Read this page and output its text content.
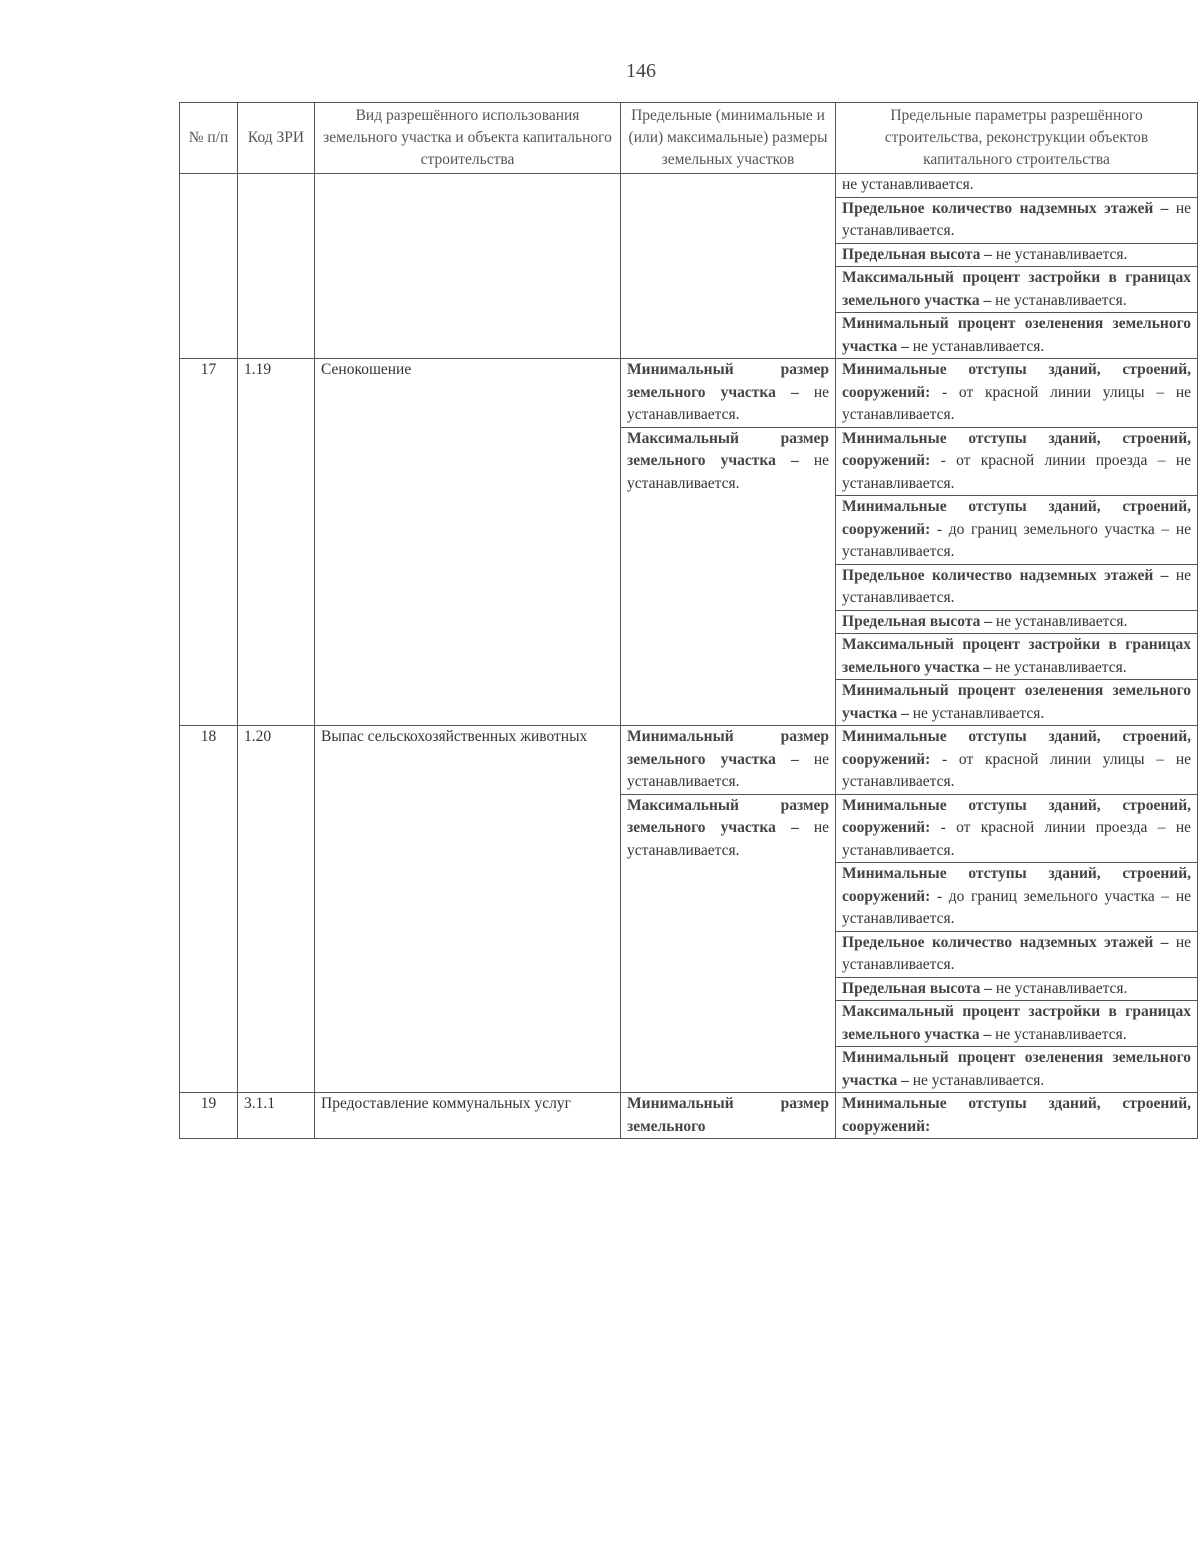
146
№ п/п	Код ЗРИ	Вид разрешённого использования земельного участка и объекта капитального строительства	Предельные (минимальные и (или) максимальные) размеры земельных участков	Предельные параметры разрешённого строительства, реконструкции объектов капитального строительства
				не устанавливается.
				Предельное количество надземных этажей – не устанавливается.
				Предельная высота – не устанавливается.
				Максимальный процент застройки в границах земельного участка – не устанавливается.
				Минимальный процент озеленения земельного участка – не устанавливается.
17	1.19	Сенокошение	Минимальный размер земельного участка – не устанавливается.	Минимальные отступы зданий, строений, сооружений: - от красной линии улицы – не устанавливается.

			Максимальный размер земельного участка – не устанавливается.	Минимальные отступы зданий, строений, сооружений: - от красной линии проезда – не устанавливается.
				Минимальные отступы зданий, строений, сооружений: - до границ земельного участка – не устанавливается.
				Предельное количество надземных этажей – не устанавливается.
				Предельная высота – не устанавливается.
				Максимальный процент застройки в границах земельного участка – не устанавливается.
				Минимальный процент озеленения земельного участка – не устанавливается.
18	1.20	Выпас сельскохозяйственных животных	Минимальный размер земельного участка – не устанавливается.	Минимальные отступы зданий, строений, сооружений: - от красной линии улицы – не устанавливается.

			Максимальный размер земельного участка – не устанавливается.	Минимальные отступы зданий, строений, сооружений: - от красной линии проезда – не устанавливается.
				Минимальные отступы зданий, строений, сооружений: - до границ земельного участка – не устанавливается.
				Предельное количество надземных этажей – не устанавливается.
				Предельная высота – не устанавливается.
				Максимальный процент застройки в границах земельного участка – не устанавливается.
				Минимальный процент озеленения земельного участка – не устанавливается.
19	3.1.1	Предоставление коммунальных услуг	Минимальный размер земельного	Минимальные отступы зданий, строений, сооружений:
